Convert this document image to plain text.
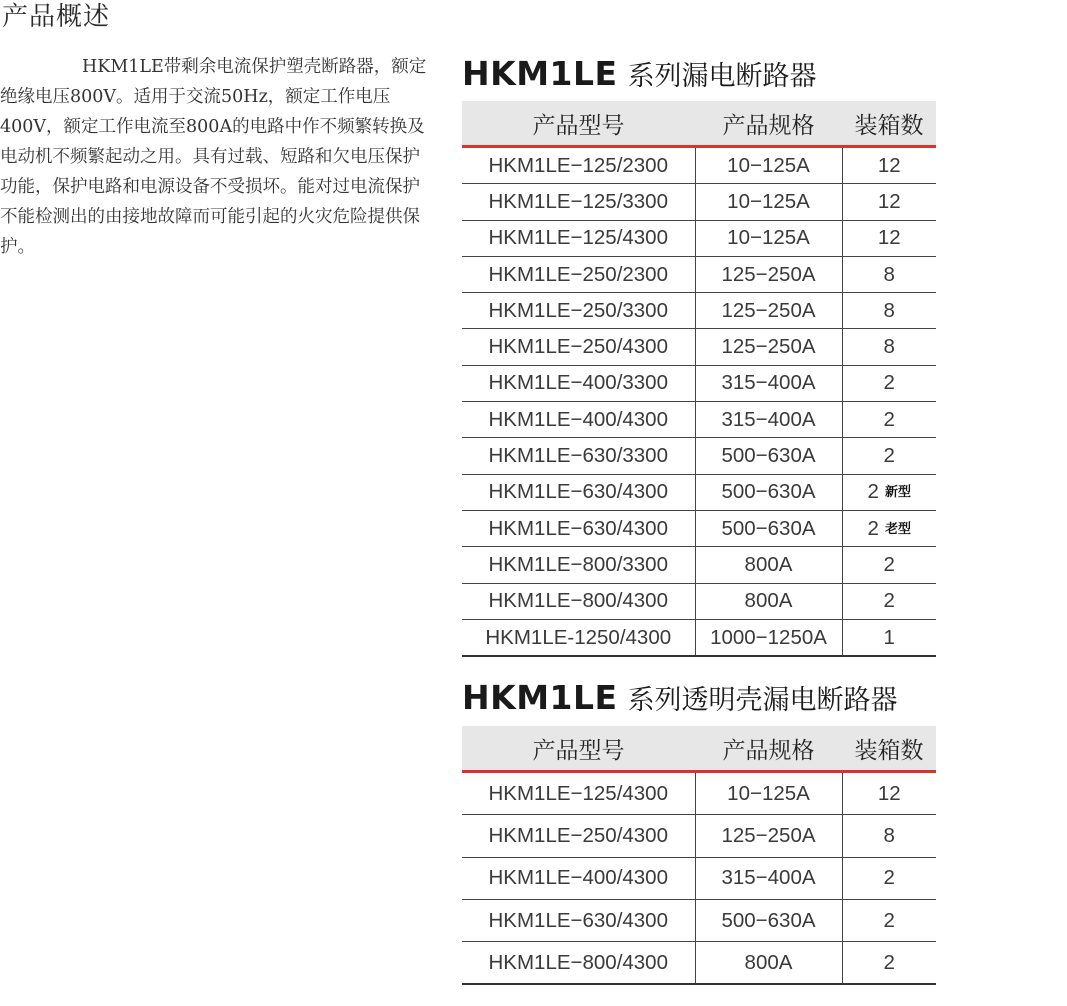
产品概述

HKM1LE带剩余电流保护塑壳断路器，额定绝缘电压800V。适用于交流50Hz，额定工作电压400V，额定工作电流至800A的电路中作不频繁转换及电动机不频繁起动之用。具有过载、短路和欠电压保护功能，保护电路和电源设备不受损坏。能对过电流保护不能检测出的由接地故障而可能引起的火灾危险提供保护。

HKM1LE 系列漏电断路器
产品型号	产品规格	装箱数
HKM1LE−125/2300	10−125A	12
HKM1LE−125/3300	10−125A	12
HKM1LE−125/4300	10−125A	12
HKM1LE−250/2300	125−250A	8
HKM1LE−250/3300	125−250A	8
HKM1LE−250/4300	125−250A	8
HKM1LE−400/3300	315−400A	2
HKM1LE−400/4300	315−400A	2
HKM1LE−630/3300	500−630A	2
HKM1LE−630/4300	500−630A	2 新型
HKM1LE−630/4300	500−630A	2 老型
HKM1LE−800/3300	800A	2
HKM1LE−800/4300	800A	2
HKM1LE-1250/4300	1000−1250A	1
HKM1LE 系列透明壳漏电断路器
产品型号	产品规格	装箱数
HKM1LE−125/4300	10−125A	12
HKM1LE−250/4300	125−250A	8
HKM1LE−400/4300	315−400A	2
HKM1LE−630/4300	500−630A	2
HKM1LE−800/4300	800A	2
